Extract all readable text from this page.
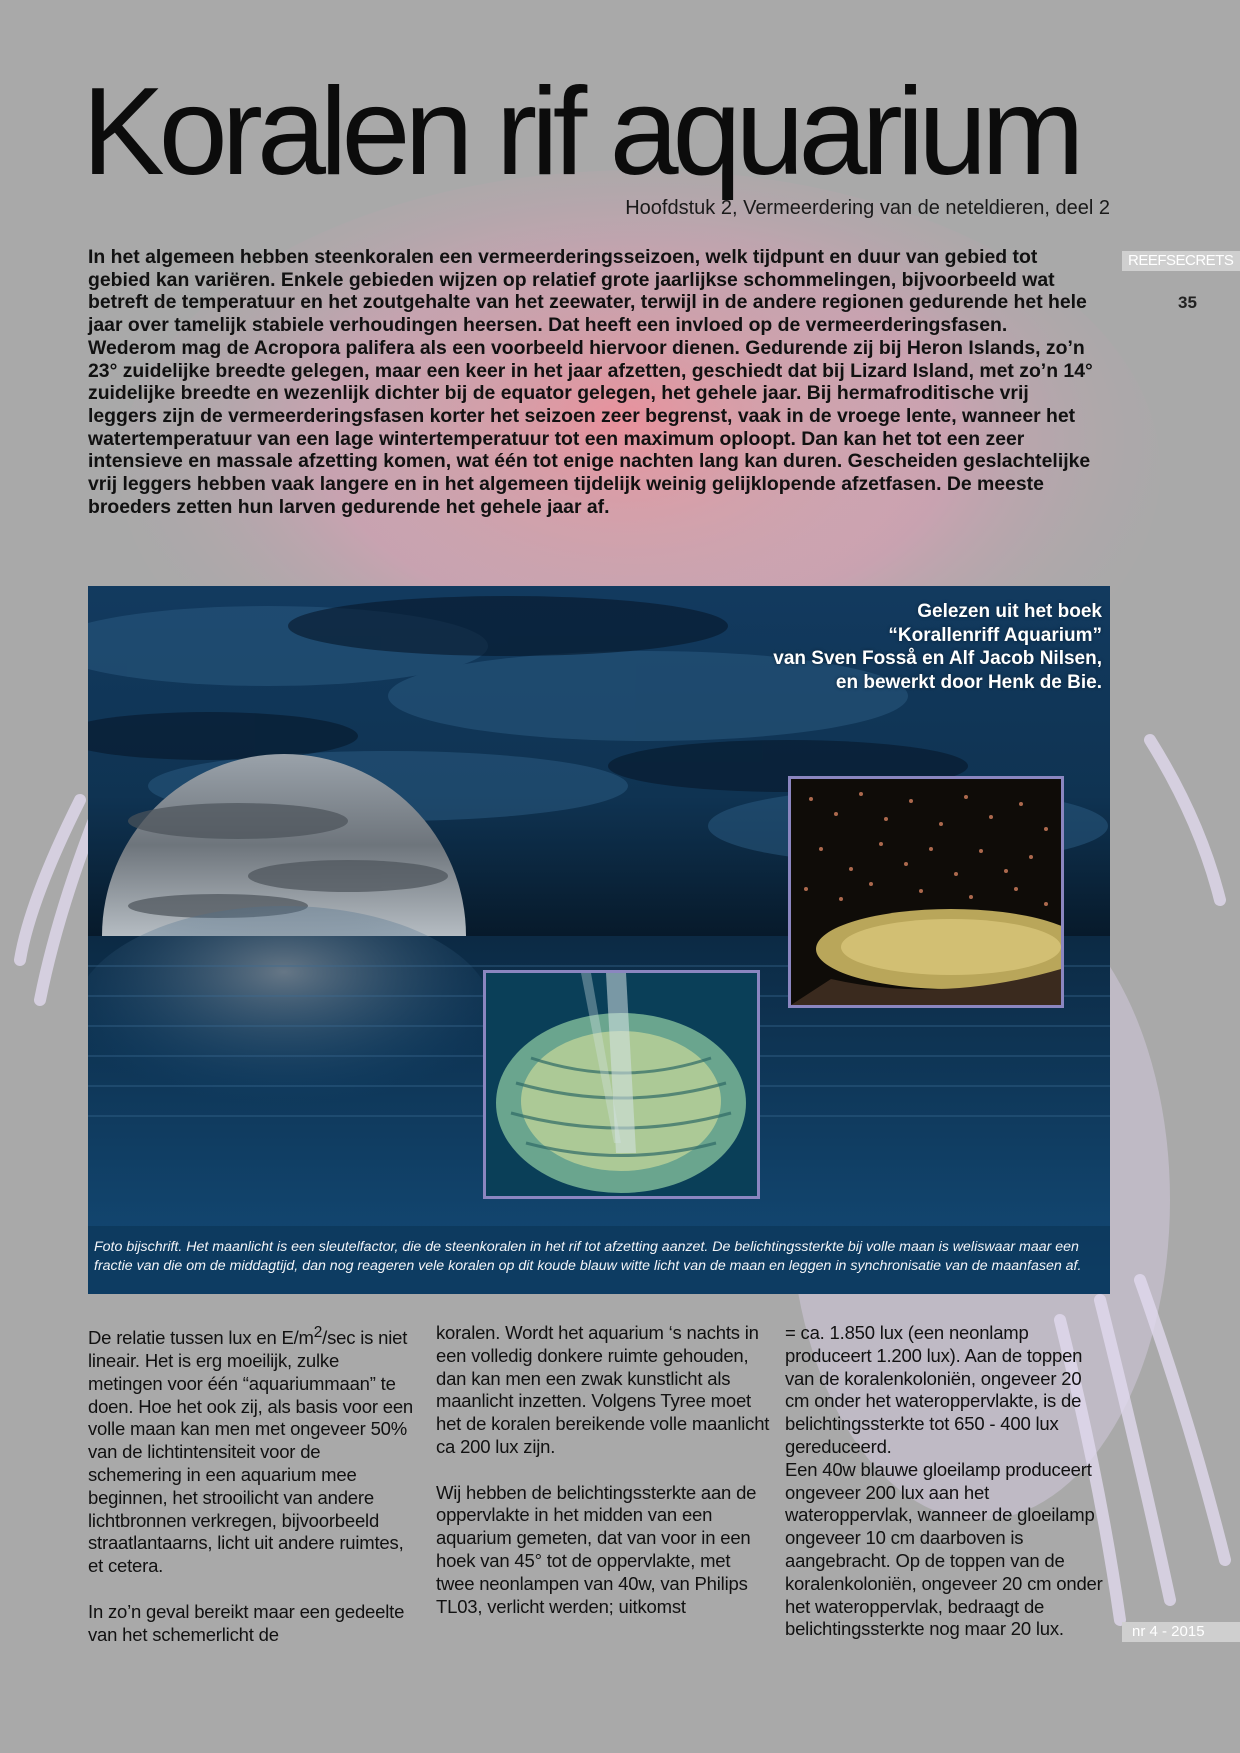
Koralen rif aquarium

Hoofdstuk 2, Vermeerdering van de neteldieren, deel 2

REEFSECRETS
35

In het algemeen hebben steenkoralen een vermeerderingsseizoen, welk tijdpunt en duur van gebied tot gebied kan variëren. Enkele gebieden wijzen op relatief grote jaarlijkse schommelingen, bijvoorbeeld wat betreft de temperatuur en het zoutgehalte van het zeewater, terwijl in de andere regionen gedurende het hele jaar over tamelijk stabiele verhoudingen heersen. Dat heeft een invloed op de vermeerderingsfasen. Wederom mag de Acropora palifera als een voorbeeld hiervoor dienen. Gedurende zij bij Heron Islands, zo’n 23° zuidelijke breedte gelegen, maar een keer in het jaar afzetten, geschiedt dat bij Lizard Island, met zo’n 14° zuidelijke breedte en wezenlijk dichter bij de equator gelegen, het gehele jaar. Bij hermafroditische vrij leggers zijn de vermeerderingsfasen korter het seizoen zeer begrenst, vaak in de vroege lente, wanneer het watertemperatuur van een lage wintertemperatuur tot een maximum oploopt. Dan kan het tot een zeer intensieve en massale afzetting komen, wat één tot enige nachten lang kan duren. Gescheiden geslachtelijke vrij leggers hebben vaak langere en in het algemeen tijdelijk weinig gelijklopende afzetfasen. De meeste broeders zetten hun larven gedurende het gehele jaar af.

Gelezen uit het boek
“Korallenriff Aquarium”
van Sven Fosså en Alf Jacob Nilsen,
en bewerkt door Henk de Bie.

Foto bijschrift. Het maanlicht is een sleutelfactor, die de steenkoralen in het rif tot afzetting aanzet. De belichtingssterkte bij volle maan is weliswaar maar een fractie van die om de middagtijd, dan nog reageren vele koralen op dit koude blauw witte licht van de maan en leggen in synchronisatie van de maanfasen af.

De relatie tussen lux en $E/m^2/\sec$ is niet lineair. Het is erg moeilijk, zulke metingen voor één “aquariummaan” te doen. Hoe het ook zij, als basis voor een volle maan kan men met ongeveer 50% van de lichtintensiteit voor de schemering in een aquarium mee beginnen, het strooilicht van andere lichtbronnen verkregen, bijvoorbeeld straatlantaarns, licht uit andere ruimtes, et cetera.

In zo’n geval bereikt maar een gedeelte van het schemerlicht de

koralen. Wordt het aquarium ‘s nachts in een volledig donkere ruimte gehouden, dan kan men een zwak kunstlicht als maanlicht inzetten. Volgens Tyree moet het de koralen bereikende volle maanlicht ca 200 lux zijn.

Wij hebben de belichtingssterkte aan de oppervlakte in het midden van een aquarium gemeten, dat van voor in een hoek van 45° tot de oppervlakte, met twee neonlampen van 40w, van Philips TL03, verlicht werden; uitkomst

= ca. 1.850 lux (een neonlamp produceert 1.200 lux). Aan de toppen van de koralenkoloniën, ongeveer 20 cm onder het wateroppervlakte, is de belichtingssterkte tot 650 - 400 lux gereduceerd.

Een 40w blauwe gloeilamp produceert ongeveer 200 lux aan het wateroppervlak, wanneer de gloeilamp ongeveer 10 cm daarboven is aangebracht. Op de toppen van de koralenkoloniën, ongeveer 20 cm onder het wateroppervlak, bedraagt de belichtingssterkte nog maar 20 lux.	nr 4 - 2015
